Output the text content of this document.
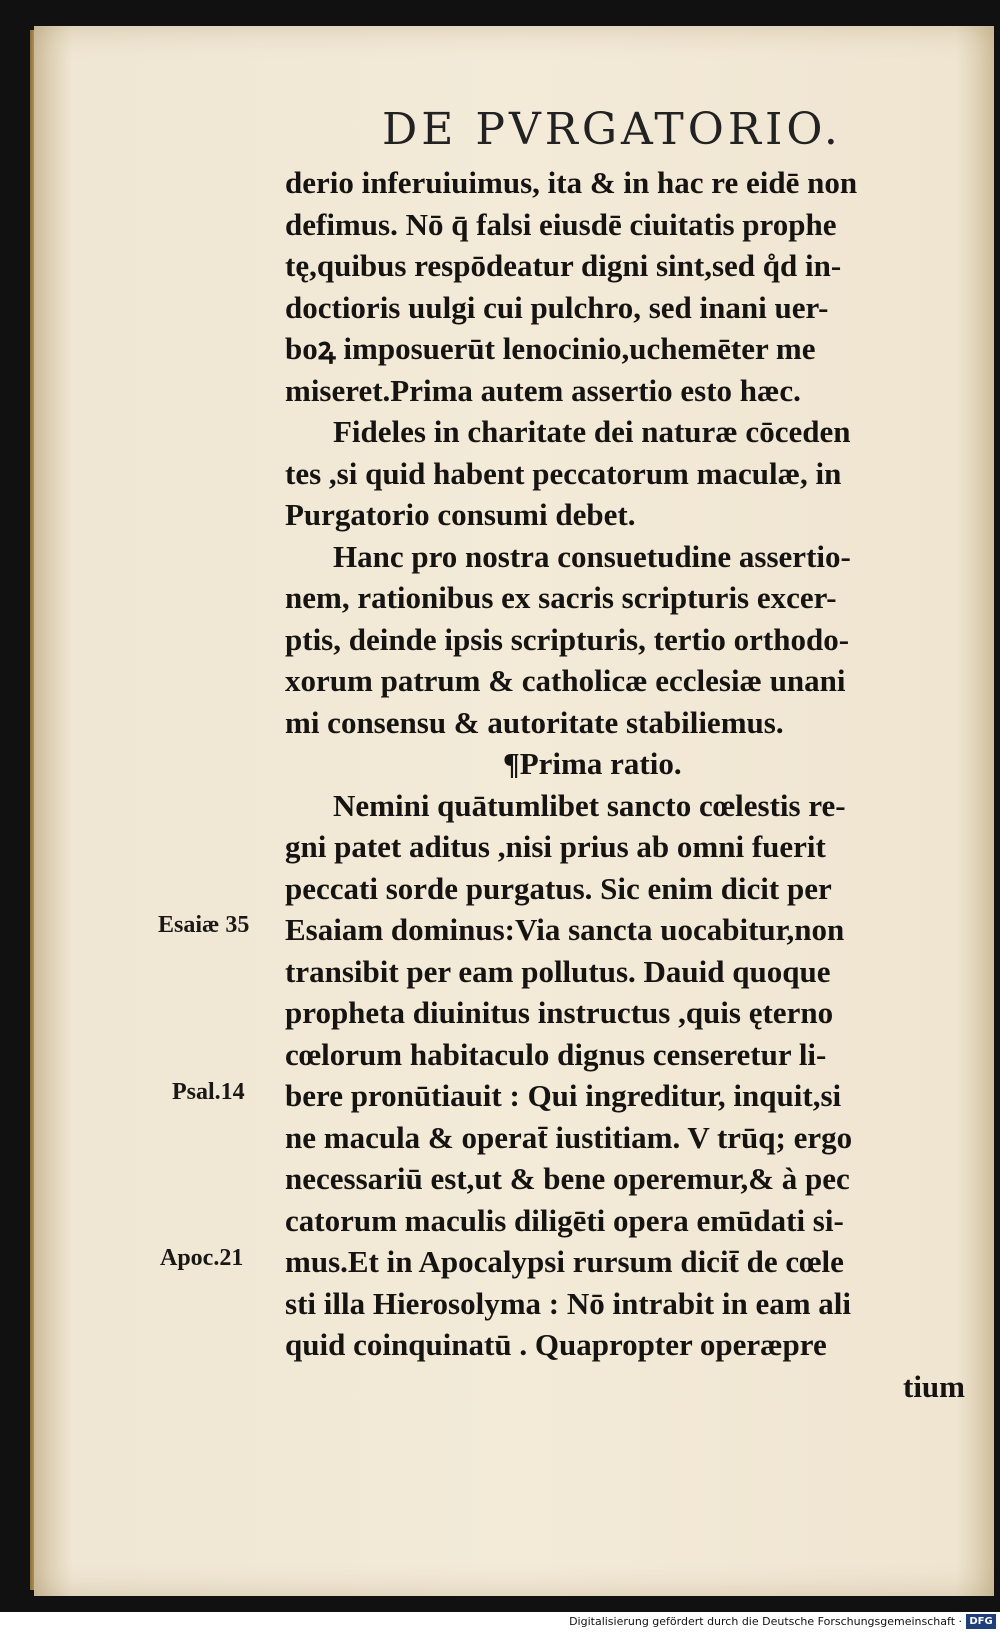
DE PVRGATORIO.
derio inferuiuimus, ita & in hac re eidē non
defimus. Nō q̄ falsi eiusdē ciuitatis prophe
tę,quibus respōdeatur digni sint,sed q̊d in-
doctioris uulgi cui pulchro, sed inani uer-
boꝝ imposuerūt lenocinio,uchemēter me
miseret.Prima autem assertio esto hæc.
Fideles in charitate dei naturæ cōceden
tes ,si quid habent peccatorum maculæ, in
Purgatorio consumi debet.
Hanc pro nostra consuetudine assertio-
nem, rationibus ex sacris scripturis excer-
ptis, deinde ipsis scripturis, tertio orthodo-
xorum patrum & catholicæ ecclesiæ unani
mi consensu & autoritate stabiliemus.
¶Prima ratio.
Nemini quātumlibet sancto cœlestis re-
gni patet aditus ,nisi prius ab omni fuerit
peccati sorde purgatus. Sic enim dicit per
Esaiam dominus:Via sancta uocabitur,non
transibit per eam pollutus. Dauid quoque
propheta diuinitus instructus ,quis ęterno
cœlorum habitaculo dignus censeretur li-
bere pronūtiauit : Qui ingreditur, inquit,si
ne macula & operat̄ iustitiam. V trūq; ergo
necessariū est,ut & bene operemur,& à pec
catorum maculis diligēti opera emūdati si-
mus.Et in Apocalypsi rursum dicit̄ de cœle
sti illa Hierosolyma : Nō intrabit in eam ali
quid coinquinatū . Quapropter operæpre
tium
Esaiæ 35
Psal.14
Apoc.21
Digitalisierung gefördert durch die Deutsche Forschungsgemeinschaft · DFG
